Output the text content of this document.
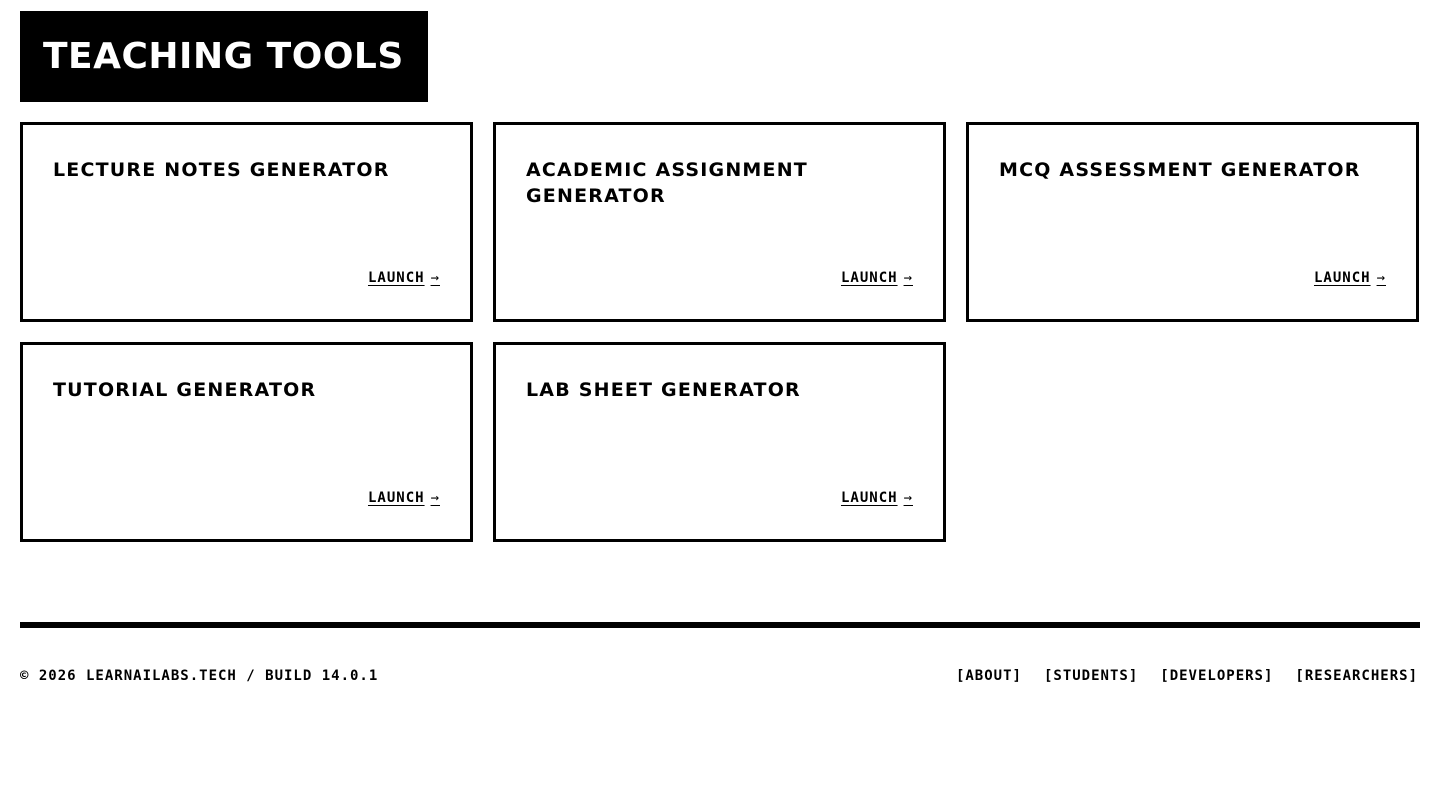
TEACHING TOOLS
LECTURE NOTES GENERATOR
LAUNCH →
ACADEMIC ASSIGNMENT GENERATOR
LAUNCH →
MCQ ASSESSMENT GENERATOR
LAUNCH →
TUTORIAL GENERATOR
LAUNCH →
LAB SHEET GENERATOR
LAUNCH →
© 2026 LEARNAILABS.TECH / BUILD 14.0.1	[ABOUT] [STUDENTS] [DEVELOPERS] [RESEARCHERS]
